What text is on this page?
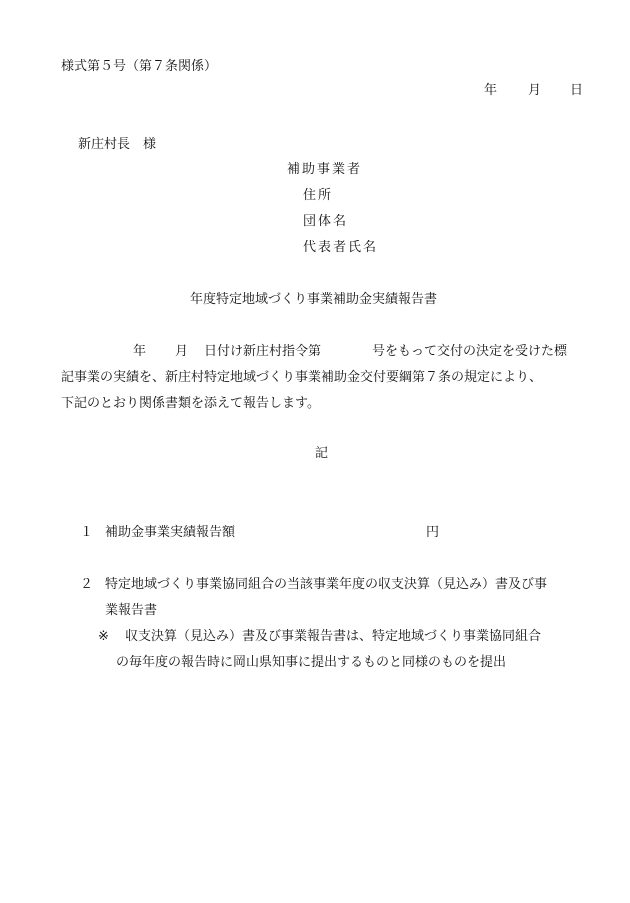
様式第５号（第７条関係）
年 月 日
新庄村長　様
補助事業者
住所
団体名
代表者氏名
年度特定地域づくり事業補助金実績報告書
年 月 日付け新庄村指令第	号をもって交付の決定を受けた標
記事業の実績を、新庄村特定地域づくり事業補助金交付要綱第７条の規定により、
下記のとおり関係書類を添えて報告します。
記
１ 補助金事業実績報告額	円
２ 特定地域づくり事業協同組合の当該事業年度の収支決算（見込み）書及び事
業報告書
※ 収支決算（見込み）書及び事業報告書は、特定地域づくり事業協同組合
の毎年度の報告時に岡山県知事に提出するものと同様のものを提出
